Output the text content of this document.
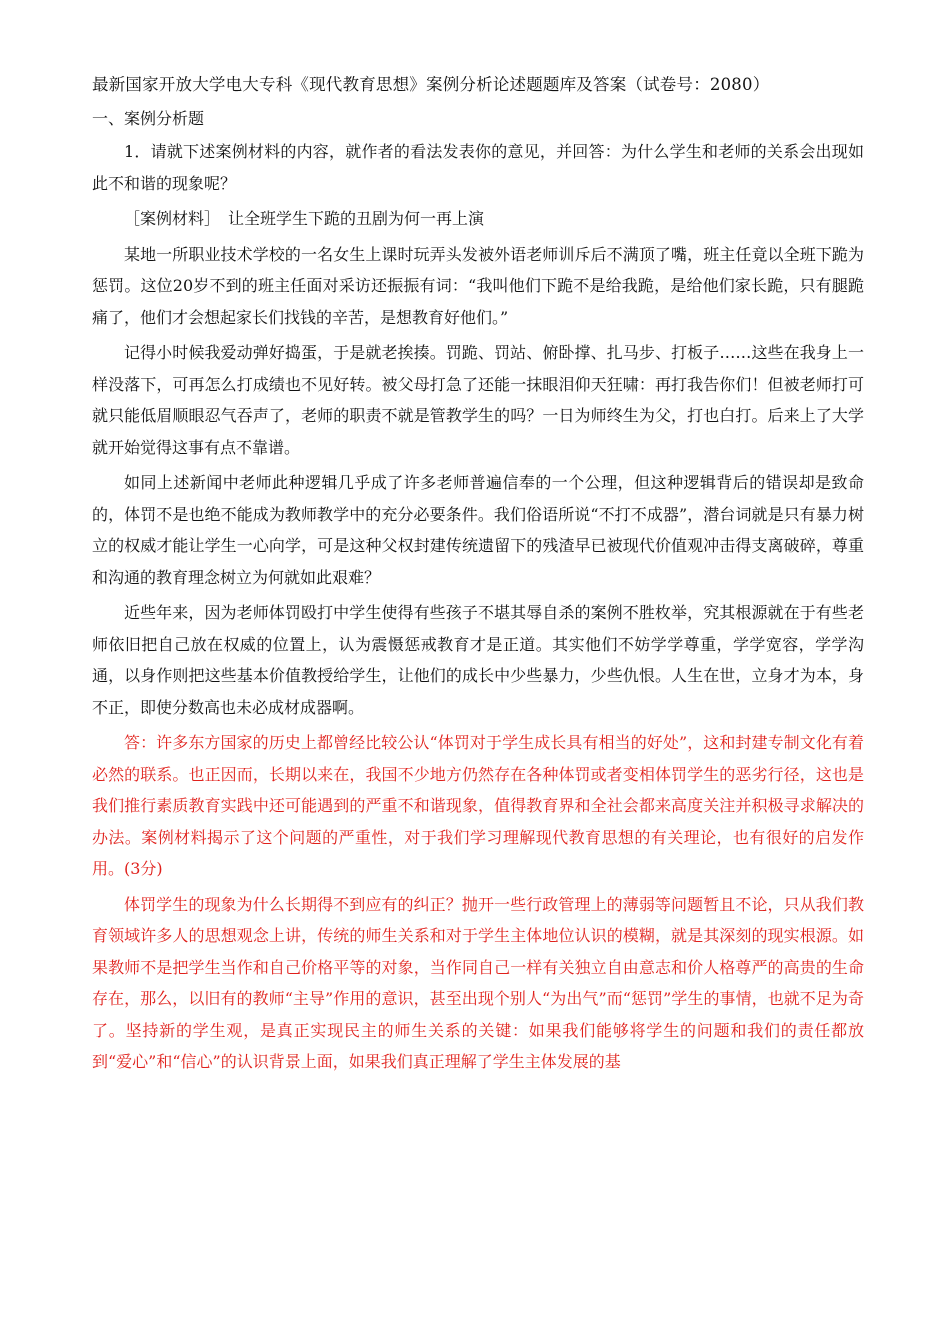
最新国家开放大学电大专科《现代教育思想》案例分析论述题题库及答案（试卷号：2080）

一、案例分析题

1．请就下述案例材料的内容，就作者的看法发表你的意见，并回答：为什么学生和老师的关系会出现如此不和谐的现象呢？

［案例材料］　让全班学生下跪的丑剧为何一再上演

某地一所职业技术学校的一名女生上课时玩弄头发被外语老师训斥后不满顶了嘴，班主任竟以全班下跪为惩罚。这位20岁不到的班主任面对采访还振振有词：“我叫他们下跪不是给我跪，是给他们家长跪，只有腿跪痛了，他们才会想起家长们找钱的辛苦，是想教育好他们。”

记得小时候我爱动弹好捣蛋，于是就老挨揍。罚跪、罚站、俯卧撑、扎马步、打板子……这些在我身上一样没落下，可再怎么打成绩也不见好转。被父母打急了还能一抹眼泪仰天狂啸：再打我告你们！但被老师打可就只能低眉顺眼忍气吞声了，老师的职责不就是管教学生的吗？一日为师终生为父，打也白打。后来上了大学就开始觉得这事有点不靠谱。

如同上述新闻中老师此种逻辑几乎成了许多老师普遍信奉的一个公理，但这种逻辑背后的错误却是致命的，体罚不是也绝不能成为教师教学中的充分必要条件。我们俗语所说“不打不成器”，潜台词就是只有暴力树立的权威才能让学生一心向学，可是这种父权封建传统遗留下的残渣早已被现代价值观冲击得支离破碎，尊重和沟通的教育理念树立为何就如此艰难？

近些年来，因为老师体罚殴打中学生使得有些孩子不堪其辱自杀的案例不胜枚举，究其根源就在于有些老师依旧把自己放在权威的位置上，认为震慑惩戒教育才是正道。其实他们不妨学学尊重，学学宽容，学学沟通，以身作则把这些基本价值教授给学生，让他们的成长中少些暴力，少些仇恨。人生在世，立身才为本，身不正，即使分数高也未必成材成器啊。

答：许多东方国家的历史上都曾经比较公认“体罚对于学生成长具有相当的好处”，这和封建专制文化有着必然的联系。也正因而，长期以来在，我国不少地方仍然存在各种体罚或者变相体罚学生的恶劣行径，这也是我们推行素质教育实践中还可能遇到的严重不和谐现象，值得教育界和全社会都来高度关注并积极寻求解决的办法。案例材料揭示了这个问题的严重性，对于我们学习理解现代教育思想的有关理论，也有很好的启发作用。(3分)

体罚学生的现象为什么长期得不到应有的纠正？抛开一些行政管理上的薄弱等问题暂且不论，只从我们教育领域许多人的思想观念上讲，传统的师生关系和对于学生主体地位认识的模糊，就是其深刻的现实根源。如果教师不是把学生当作和自己价格平等的对象，当作同自己一样有关独立自由意志和价人格尊严的高贵的生命存在，那么，以旧有的教师“主导”作用的意识，甚至出现个别人“为出气”而“惩罚”学生的事情，也就不足为奇了。坚持新的学生观，是真正实现民主的师生关系的关键：如果我们能够将学生的问题和我们的责任都放到“爱心”和“信心”的认识背景上面，如果我们真正理解了学生主体发展的基
